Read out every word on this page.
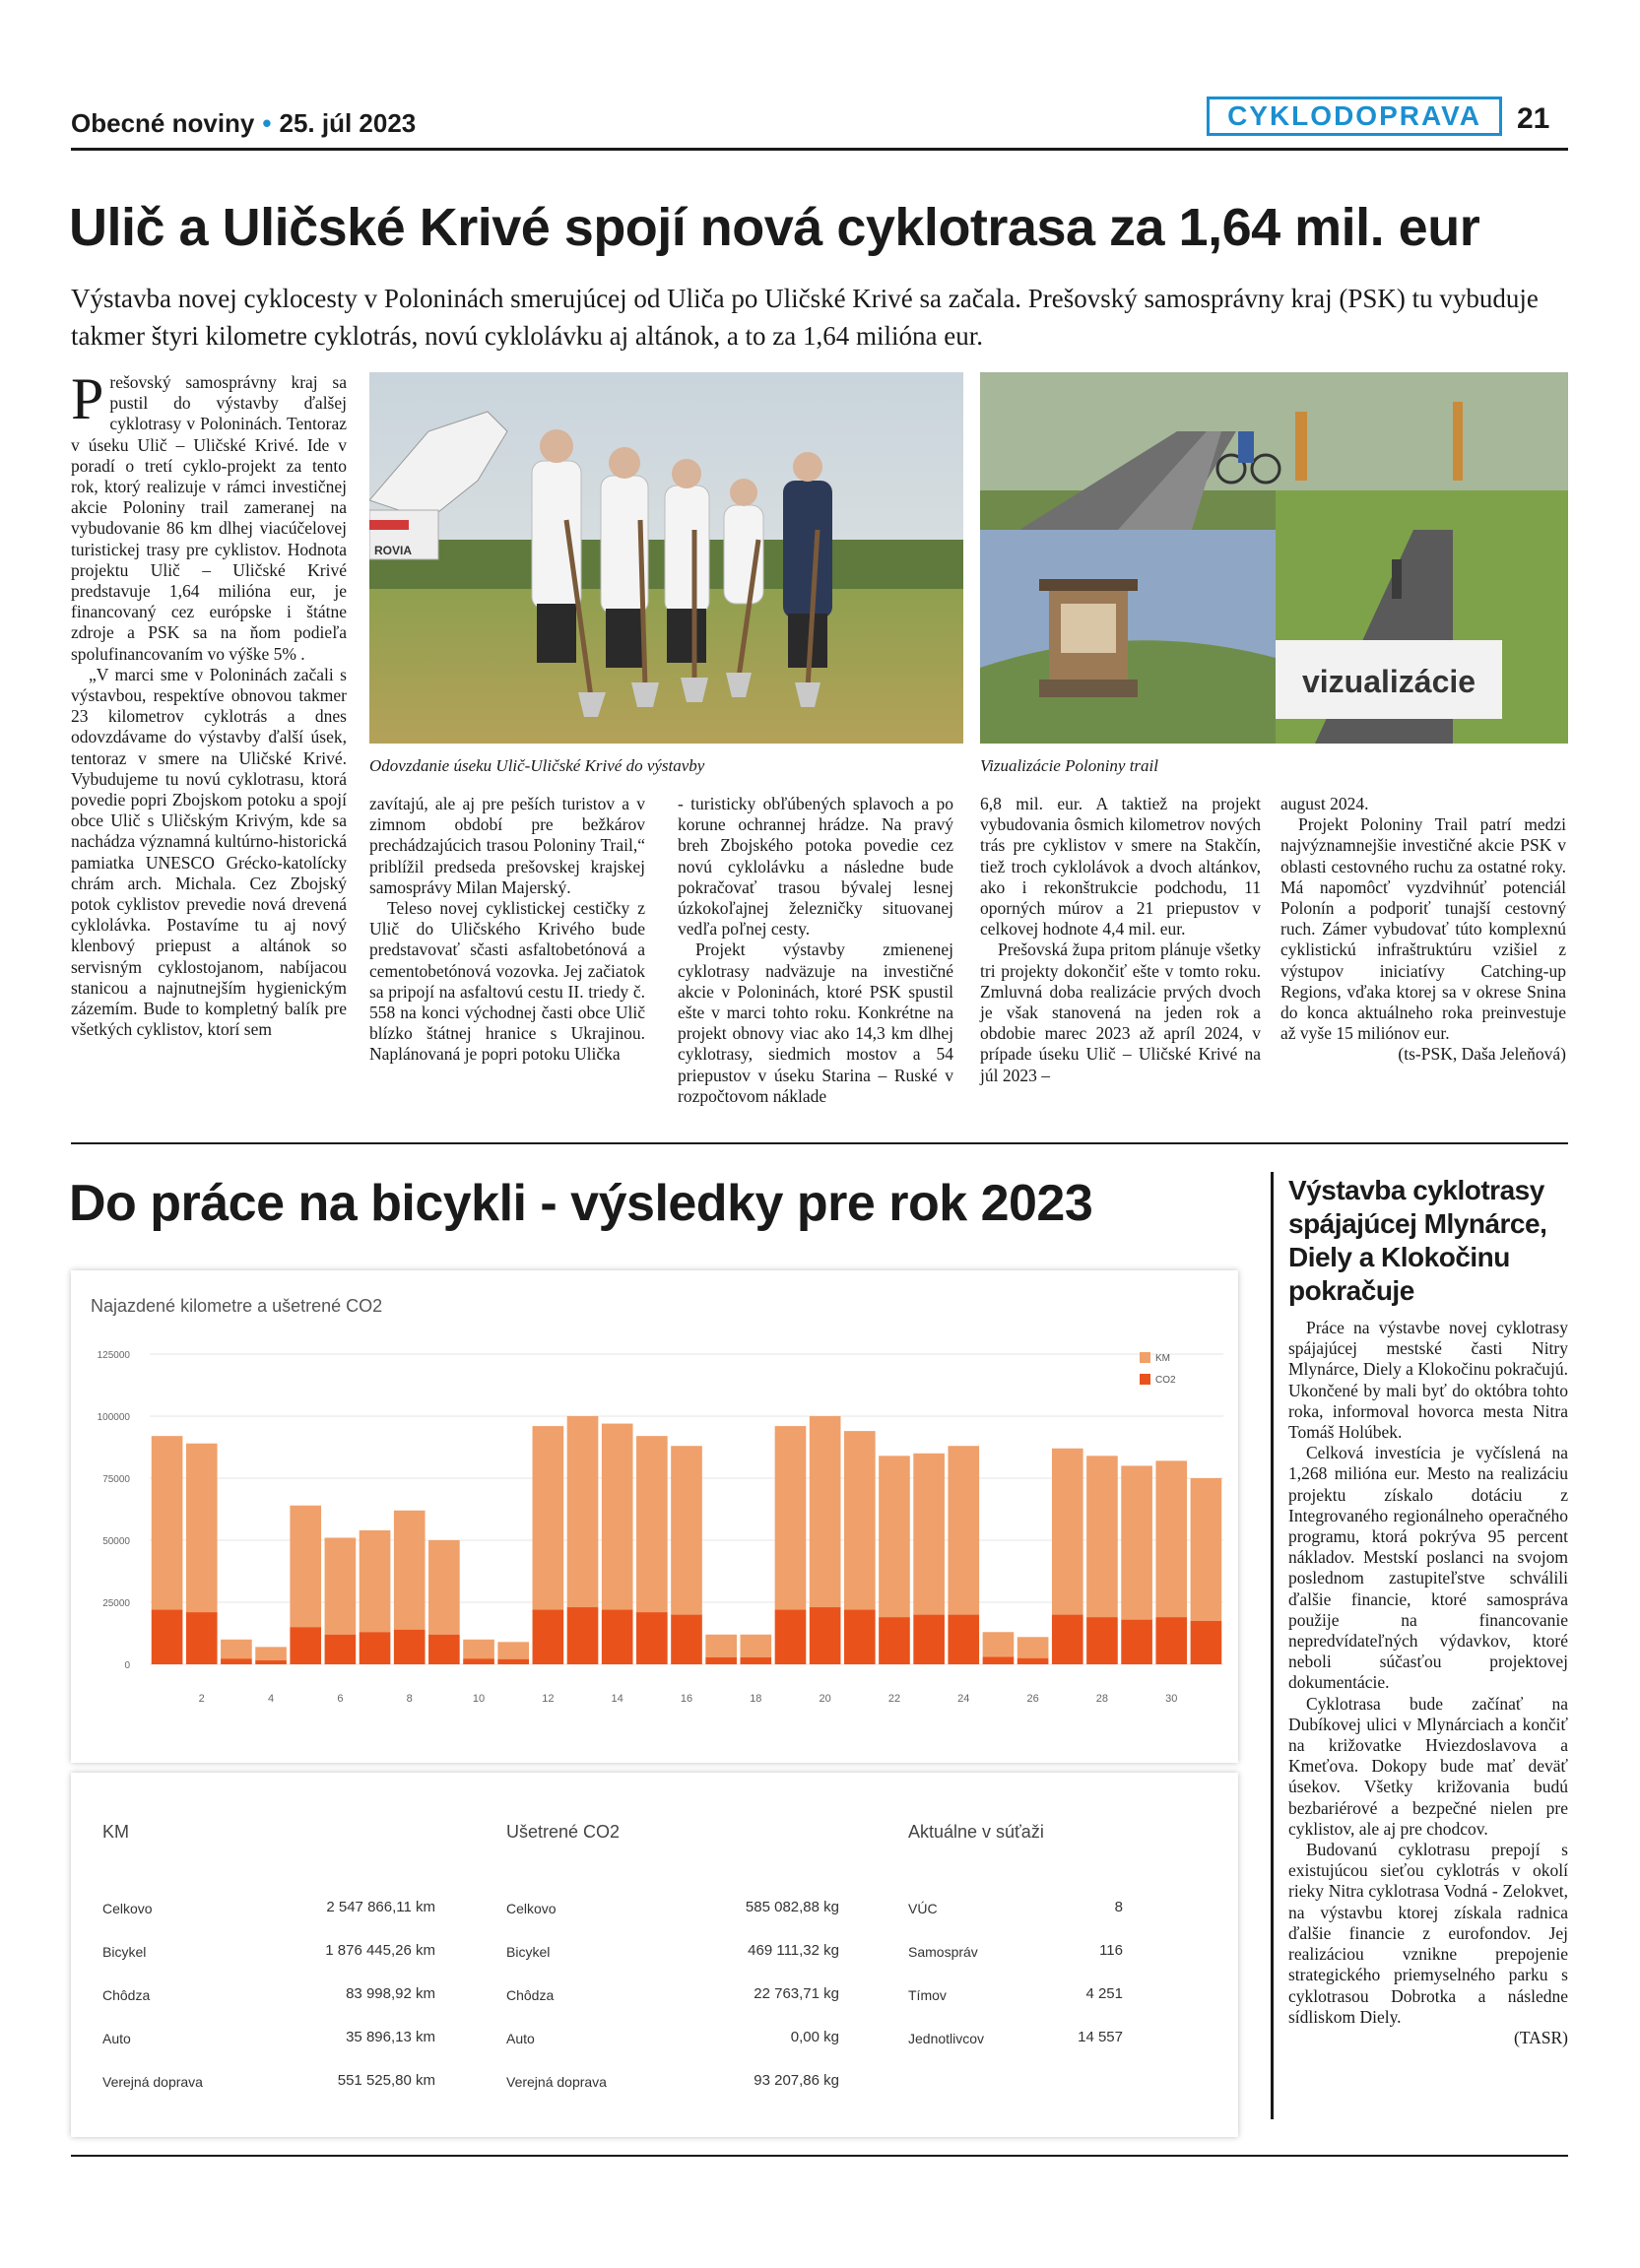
Obecné noviny • 25. júl 2023	CYKLODOPRAVA	21
Ulič a Uličské Krivé spojí nová cyklotrasa za 1,64 mil. eur
Výstavba novej cyklocesty v Poloninách smerujúcej od Uliča po Uličské Krivé sa začala. Prešovský samosprávny kraj (PSK) tu vybuduje takmer štyri kilometre cyklotrás, novú cyklolávku aj altánok, a to za 1,64 milióna eur.

Prešovský samosprávny kraj sa pustil do výstavby ďalšej cyklotrasy v Poloninách. Tentoraz v úseku Ulič – Uličské Krivé. Ide v poradí o tretí cyklo-projekt za tento rok, ktorý realizuje v rámci investičnej akcie Poloniny trail zameranej na vybudovanie 86 km dlhej viacúčelovej turistickej trasy pre cyklistov. Hodnota projektu Ulič – Uličské Krivé predstavuje 1,64 milióna eur, je financovaný cez európske i štátne zdroje a PSK sa na ňom podieľa spolufinancovaním vo výške 5% .

„V marci sme v Poloninách začali s výstavbou, respektíve obnovou takmer 23 kilometrov cyklotrás a dnes odovzdávame do výstavby ďalší úsek, tentoraz v smere na Uličské Krivé. Vybudujeme tu novú cyklotrasu, ktorá povedie popri Zbojskom potoku a spojí obce Ulič s Uličským Krivým, kde sa nachádza významná kultúrno-historická pamiatka UNESCO Grécko-katolícky chrám arch. Michala. Cez Zbojský potok cyklistov prevedie nová drevená cyklolávka. Postavíme tu aj nový klenbový priepust a altánok so servisným cyklostojanom, nabíjacou stanicou a najnutnejším hygienickým zázemím. Bude to kompletný balík pre všetkých cyklistov, ktorí sem

ROVIA
Odovzdanie úseku Ulič-Uličské Krivé do výstavby
vizualizácie
Vizualizácie Poloniny trail

zavítajú, ale aj pre peších turistov a v zimnom období pre bežkárov prechádzajúcich trasou Poloniny Trail,“ priblížil predseda prešovskej krajskej samosprávy Milan Majerský.

Teleso novej cyklistickej cestičky z Ulič do Uličského Krivého bude predstavovať sčasti asfaltobetónová a cementobetónová vozovka. Jej začiatok sa pripojí na asfaltovú cestu II. triedy č. 558 na konci východnej časti obce Ulič blízko štátnej hranice s Ukrajinou. Naplánovaná je popri potoku Ulička

- turisticky obľúbených splavoch a po korune ochrannej hrádze. Na pravý breh Zbojského potoka povedie cez novú cyklolávku a následne bude pokračovať trasou bývalej lesnej úzkokoľajnej železničky situovanej vedľa poľnej cesty.

Projekt výstavby zmienenej cyklotrasy nadväzuje na investičné akcie v Poloninách, ktoré PSK spustil ešte v marci tohto roku. Konkrétne na projekt obnovy viac ako 14,3 km dlhej cyklotrasy, siedmich mostov a 54 priepustov v úseku Starina – Ruské v rozpočtovom náklade

6,8 mil. eur. A taktiež na projekt vybudovania ôsmich kilometrov nových trás pre cyklistov v smere na Stakčín, tiež troch cyklolávok a dvoch altánkov, ako i rekonštrukcie podchodu, 11 oporných múrov a 21 priepustov v celkovej hodnote 4,4 mil. eur.

Prešovská župa pritom plánuje všetky tri projekty dokončiť ešte v tomto roku. Zmluvná doba realizácie prvých dvoch je však stanovená na jeden rok a obdobie marec 2023 až apríl 2024, v prípade úseku Ulič – Uličské Krivé na júl 2023 –

august 2024.

Projekt Poloniny Trail patrí medzi najvýznamnejšie investičné akcie PSK v oblasti cestovného ruchu za ostatné roky. Má napomôcť vyzdvihnúť potenciál Polonín a podporiť tunajší cestovný ruch. Zámer vybudovať túto komplexnú cyklistickú infraštruktúru vzišiel z výstupov iniciatívy Catching-up Regions, vďaka ktorej sa v okrese Snina do konca aktuálneho roka preinvestuje až vyše 15 miliónov eur.

(ts-PSK, Daša Jeleňová)

Do práce na bicykli - výsledky pre rok 2023
Najazdené kilometre a ušetrené CO2
125000
100000
75000
50000
25000
0
2	4	6	8	10	12	14	16	18	20	22	24	26	28	30
KM
CO2
KM
Celkovo	2 547 866,11 km
Bicykel	1 876 445,26 km
Chôdza	83 998,92 km
Auto	35 896,13 km
Verejná doprava	551 525,80 km
Ušetrené CO2
Celkovo	585 082,88 kg
Bicykel	469 111,32 kg
Chôdza	22 763,71 kg
Auto	0,00 kg
Verejná doprava	93 207,86 kg
Aktuálne v súťaži
VÚC	8
Samospráv	116
Tímov	4 251
Jednotlivcov	14 557
Výstavba cyklotrasy spájajúcej Mlynárce, Diely a Klokočinu pokračuje

Práce na výstavbe novej cyklotrasy spájajúcej mestské časti Nitry Mlynárce, Diely a Klokočinu pokračujú. Ukončené by mali byť do októbra tohto roka, informoval hovorca mesta Nitra Tomáš Holúbek.

Celková investícia je vyčíslená na 1,268 milióna eur. Mesto na realizáciu projektu získalo dotáciu z Integrovaného regionálneho operačného programu, ktorá pokrýva 95 percent nákladov. Mestskí poslanci na svojom poslednom zastupiteľstve schválili ďalšie financie, ktoré samospráva použije na financovanie nepredvídateľných výdavkov, ktoré neboli súčasťou projektovej dokumentácie.

Cyklotrasa bude začínať na Dubíkovej ulici v Mlynárciach a končiť na križovatke Hviezdoslavova a Kmeťova. Dokopy bude mať deväť úsekov. Všetky križovania budú bezbariérové a bezpečné nielen pre cyklistov, ale aj pre chodcov.

Budovanú cyklotrasu prepojí s existujúcou sieťou cyklotrás v okolí rieky Nitra cyklotrasa Vodná - Zelokvet, na výstavbu ktorej získala radnica ďalšie financie z eurofondov. Jej realizáciou vznikne prepojenie strategického priemyselného parku s cyklotrasou Dobrotka a následne sídliskom Diely.

(TASR)
